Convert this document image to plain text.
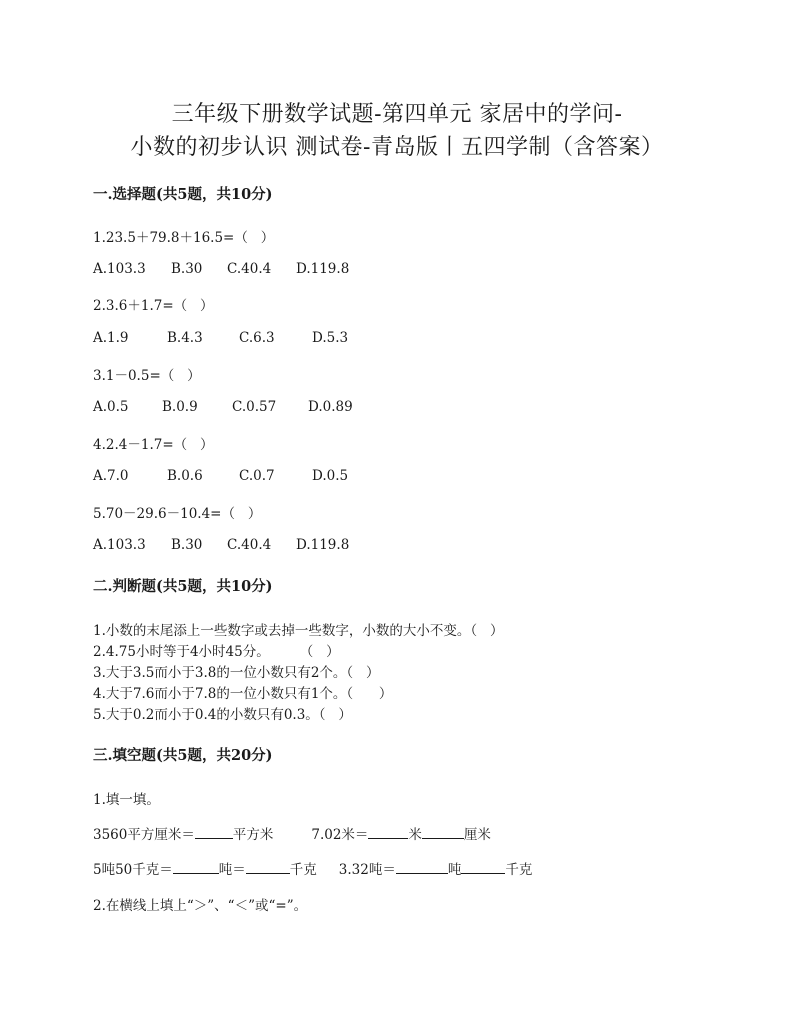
三年级下册数学试题-第四单元 家居中的学问-
小数的初步认识 测试卷-青岛版丨五四学制（含答案）
一.选择题(共5题，共10分)
1.23.5＋79.8＋16.5=（   ）
A.103.3 B.30 C.40.4 D.119.8
2.3.6＋1.7=（   ）
A.1.9	B.4.3	C.6.3	D.5.3
3.1－0.5=（   ）
A.0.5 B.0.9	C.0.57 D.0.89
4.2.4－1.7=（   ）
A.7.0	B.0.6	C.0.7	D.0.5
5.70－29.6－10.4=（   ）
A.103.3 B.30 C.40.4 D.119.8
二.判断题(共5题，共10分)
1.小数的末尾添上一些数字或去掉一些数字，小数的大小不变。（   ）
2.4.75小时等于4小时45分。       （   ）
3.大于3.5而小于3.8的一位小数只有2个。（   ）
4.大于7.6而小于7.8的一位小数只有1个。（      ）
5.大于0.2而小于0.4的小数只有0.3。（   ）
三.填空题(共5题，共20分)
1.填一填。
3560平方厘米＝	平方米	7.02米＝	米	厘米
5吨50千克＝	吨＝	千克 3.32吨＝	吨	千克
2.在横线上填上“＞”、“＜”或“=”。
